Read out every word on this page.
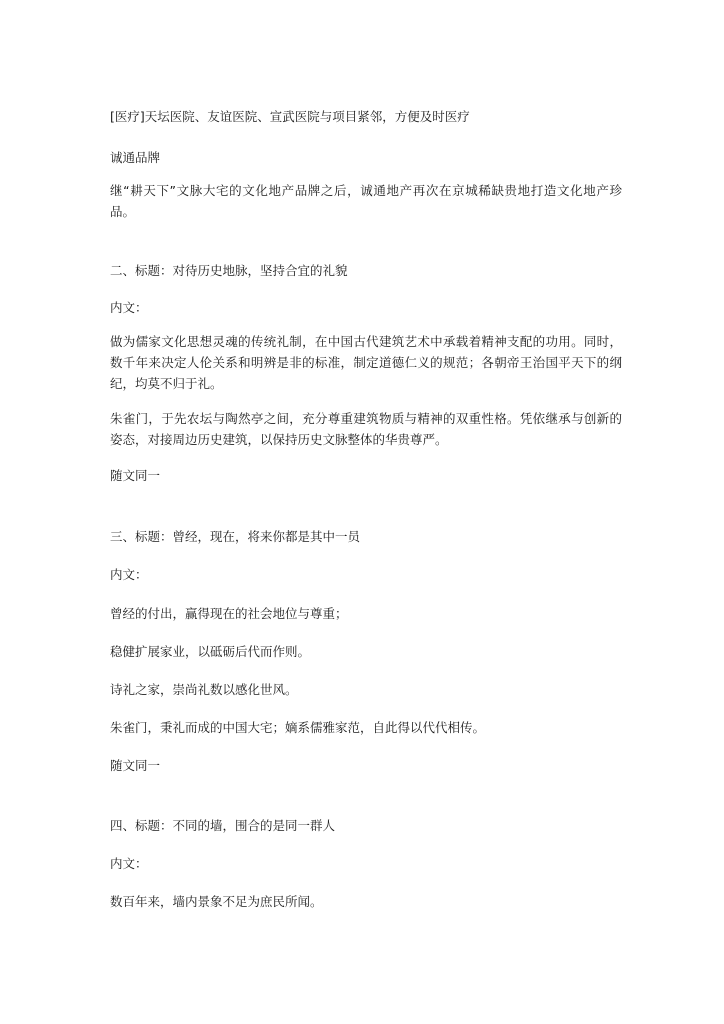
[医疗]天坛医院、友谊医院、宣武医院与项目紧邻，方便及时医疗
诚通品牌
继“耕天下”文脉大宅的文化地产品牌之后，诚通地产再次在京城稀缺贵地打造文化地产珍品。
二、标题：对待历史地脉，坚持合宜的礼貌
内文：
做为儒家文化思想灵魂的传统礼制，在中国古代建筑艺术中承载着精神支配的功用。同时，数千年来决定人伦关系和明辨是非的标准，制定道德仁义的规范；各朝帝王治国平天下的纲纪，均莫不归于礼。
朱雀门，于先农坛与陶然亭之间，充分尊重建筑物质与精神的双重性格。凭依继承与创新的姿态，对接周边历史建筑，以保持历史文脉整体的华贵尊严。
随文同一
三、标题：曾经，现在，将来你都是其中一员
内文：
曾经的付出，赢得现在的社会地位与尊重；
稳健扩展家业，以砥砺后代而作则。
诗礼之家，崇尚礼数以感化世风。
朱雀门，秉礼而成的中国大宅；嫡系儒雅家范，自此得以代代相传。
随文同一
四、标题：不同的墙，围合的是同一群人
内文：
数百年来，墙内景象不足为庶民所闻。
